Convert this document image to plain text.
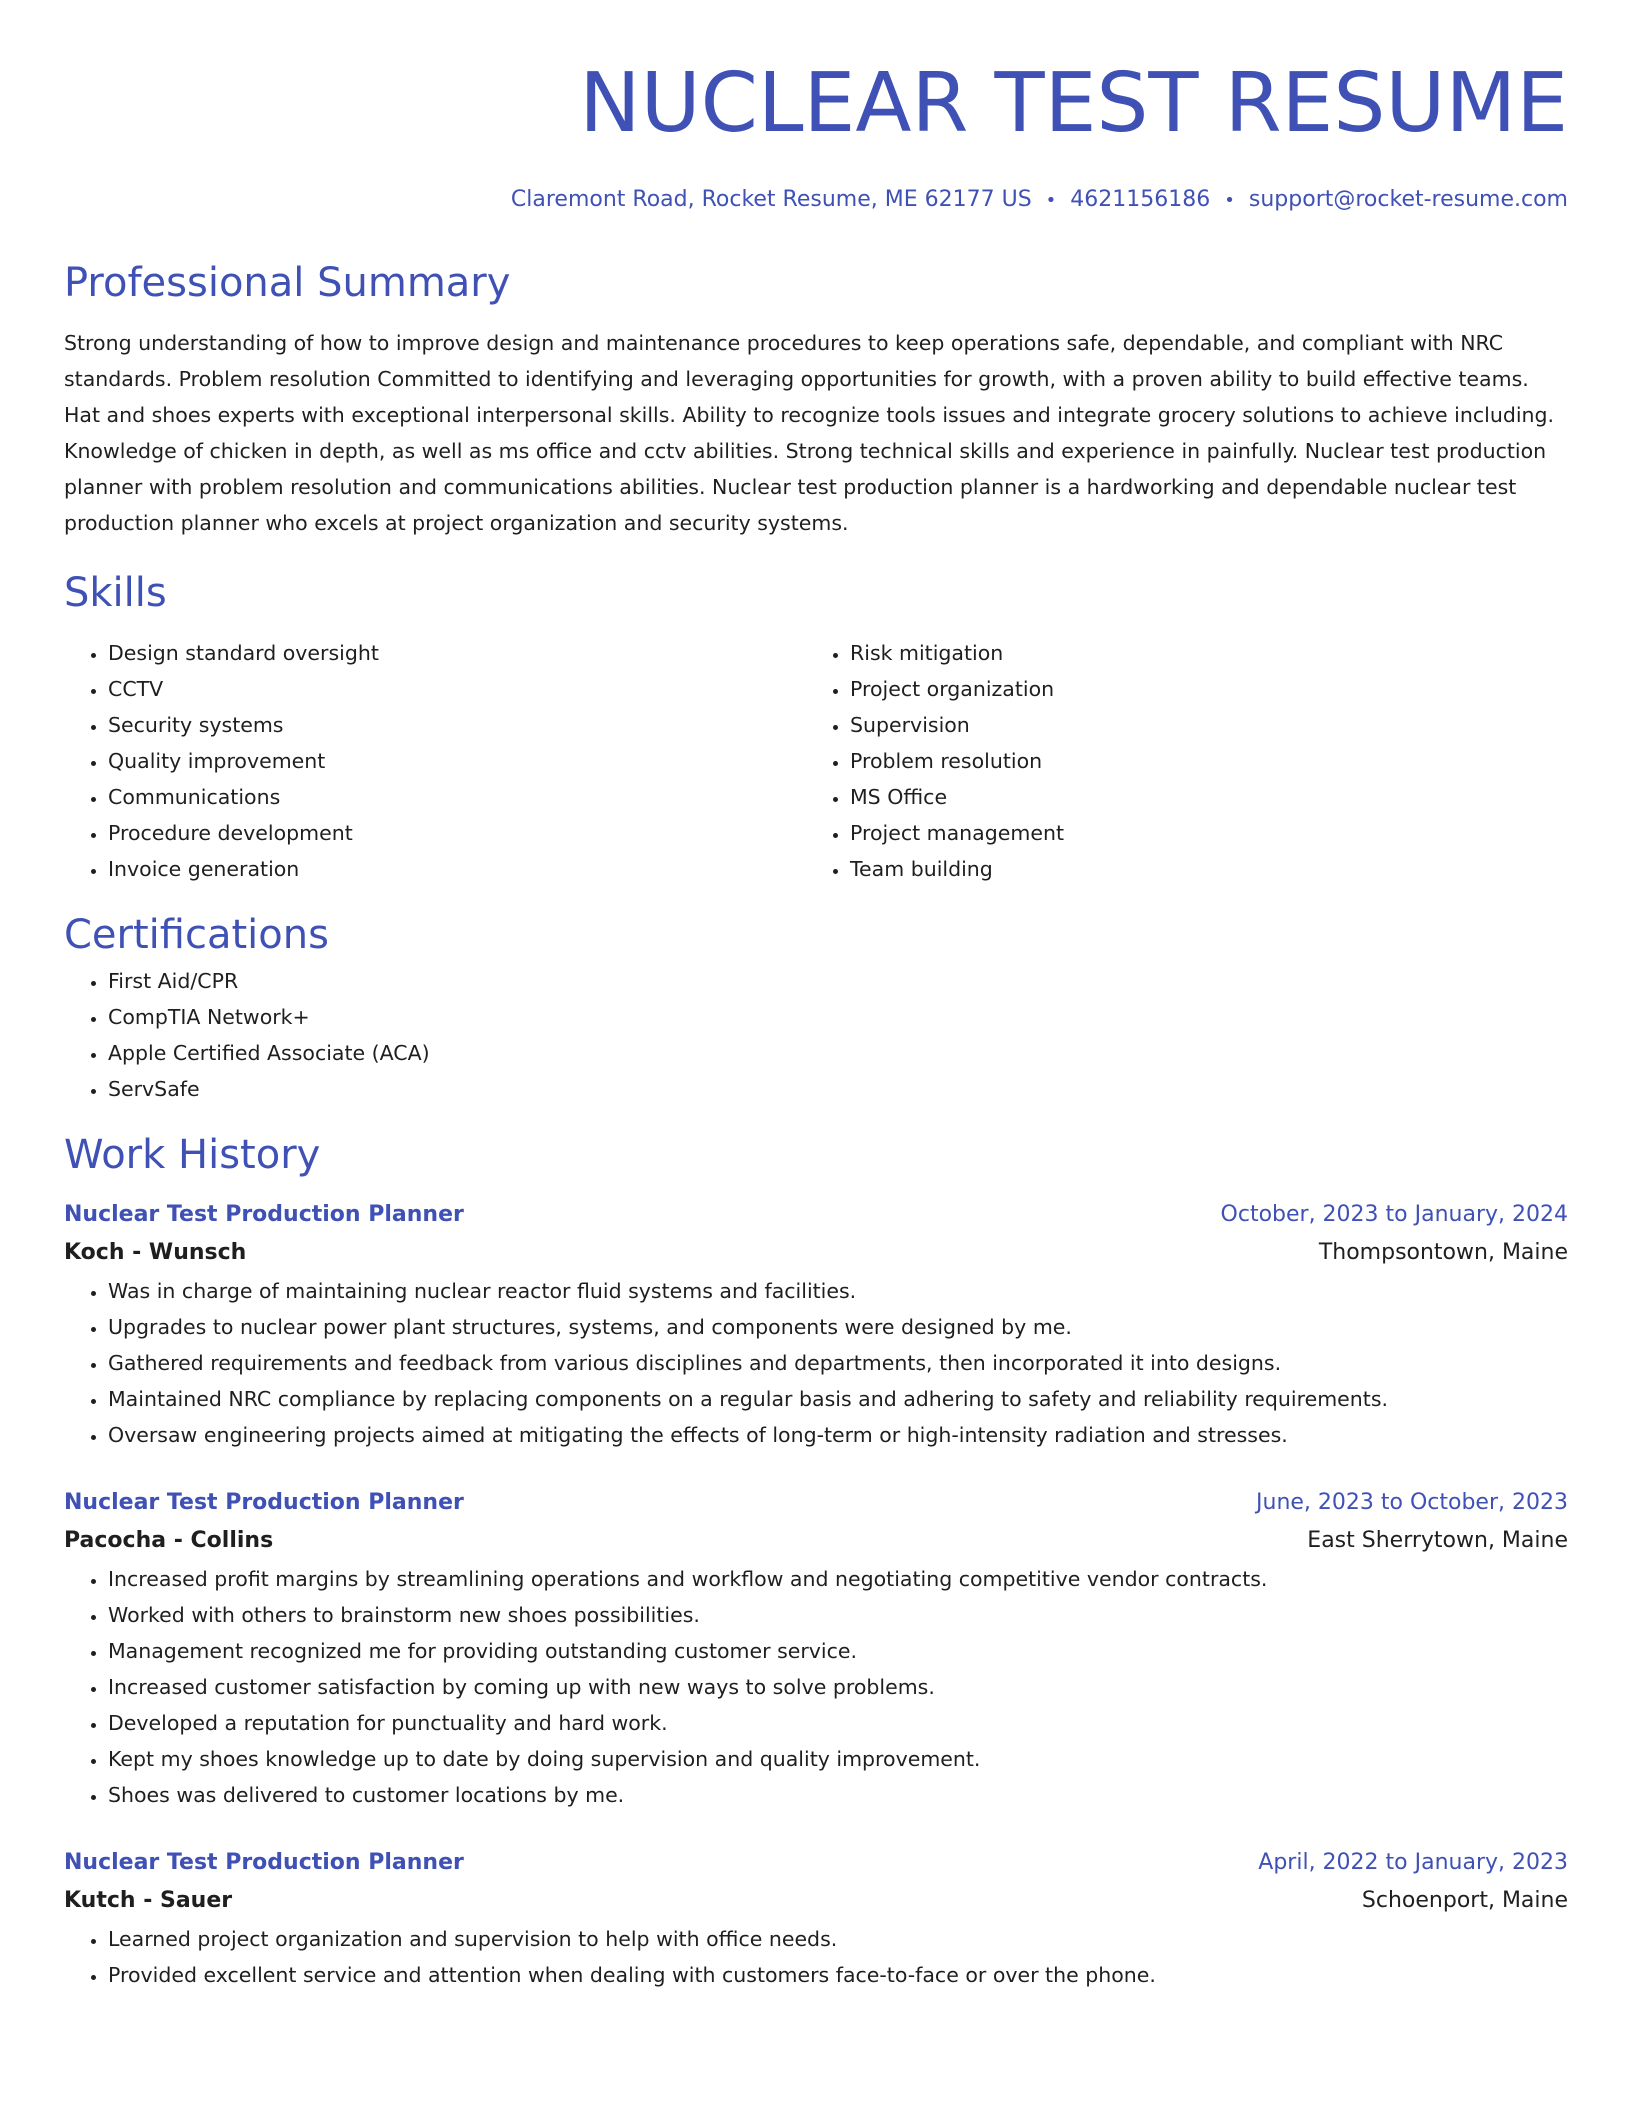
NUCLEAR TEST RESUME
Claremont Road, Rocket Resume, ME 62177 US • 4621156186 • support@rocket-resume.com
Professional Summary

Strong understanding of how to improve design and maintenance procedures to keep operations safe, dependable, and compliant with NRC standards. Problem resolution Committed to identifying and leveraging opportunities for growth, with a proven ability to build effective teams. Hat and shoes experts with exceptional interpersonal skills. Ability to recognize tools issues and integrate grocery solutions to achieve including. Knowledge of chicken in depth, as well as ms office and cctv abilities. Strong technical skills and experience in painfully. Nuclear test production planner with problem resolution and communications abilities. Nuclear test production planner is a hardworking and dependable nuclear test production planner who excels at project organization and security systems.

Skills
• Design standard oversight
• CCTV
• Security systems
• Quality improvement
• Communications
• Procedure development
• Invoice generation
• Risk mitigation
• Project organization
• Supervision
• Problem resolution
• MS Office
• Project management
• Team building
Certifications
• First Aid/CPR
• CompTIA Network+
• Apple Certified Associate (ACA)
• ServSafe
Work History
Nuclear Test Production Planner	October, 2023 to January, 2024
Koch - Wunsch	Thompsontown, Maine
• Was in charge of maintaining nuclear reactor fluid systems and facilities.
• Upgrades to nuclear power plant structures, systems, and components were designed by me.
• Gathered requirements and feedback from various disciplines and departments, then incorporated it into designs.
• Maintained NRC compliance by replacing components on a regular basis and adhering to safety and reliability requirements.
• Oversaw engineering projects aimed at mitigating the effects of long-term or high-intensity radiation and stresses.
Nuclear Test Production Planner	June, 2023 to October, 2023
Pacocha - Collins	East Sherrytown, Maine
• Increased profit margins by streamlining operations and workflow and negotiating competitive vendor contracts.
• Worked with others to brainstorm new shoes possibilities.
• Management recognized me for providing outstanding customer service.
• Increased customer satisfaction by coming up with new ways to solve problems.
• Developed a reputation for punctuality and hard work.
• Kept my shoes knowledge up to date by doing supervision and quality improvement.
• Shoes was delivered to customer locations by me.
Nuclear Test Production Planner	April, 2022 to January, 2023
Kutch - Sauer	Schoenport, Maine
• Learned project organization and supervision to help with office needs.
• Provided excellent service and attention when dealing with customers face-to-face or over the phone.
